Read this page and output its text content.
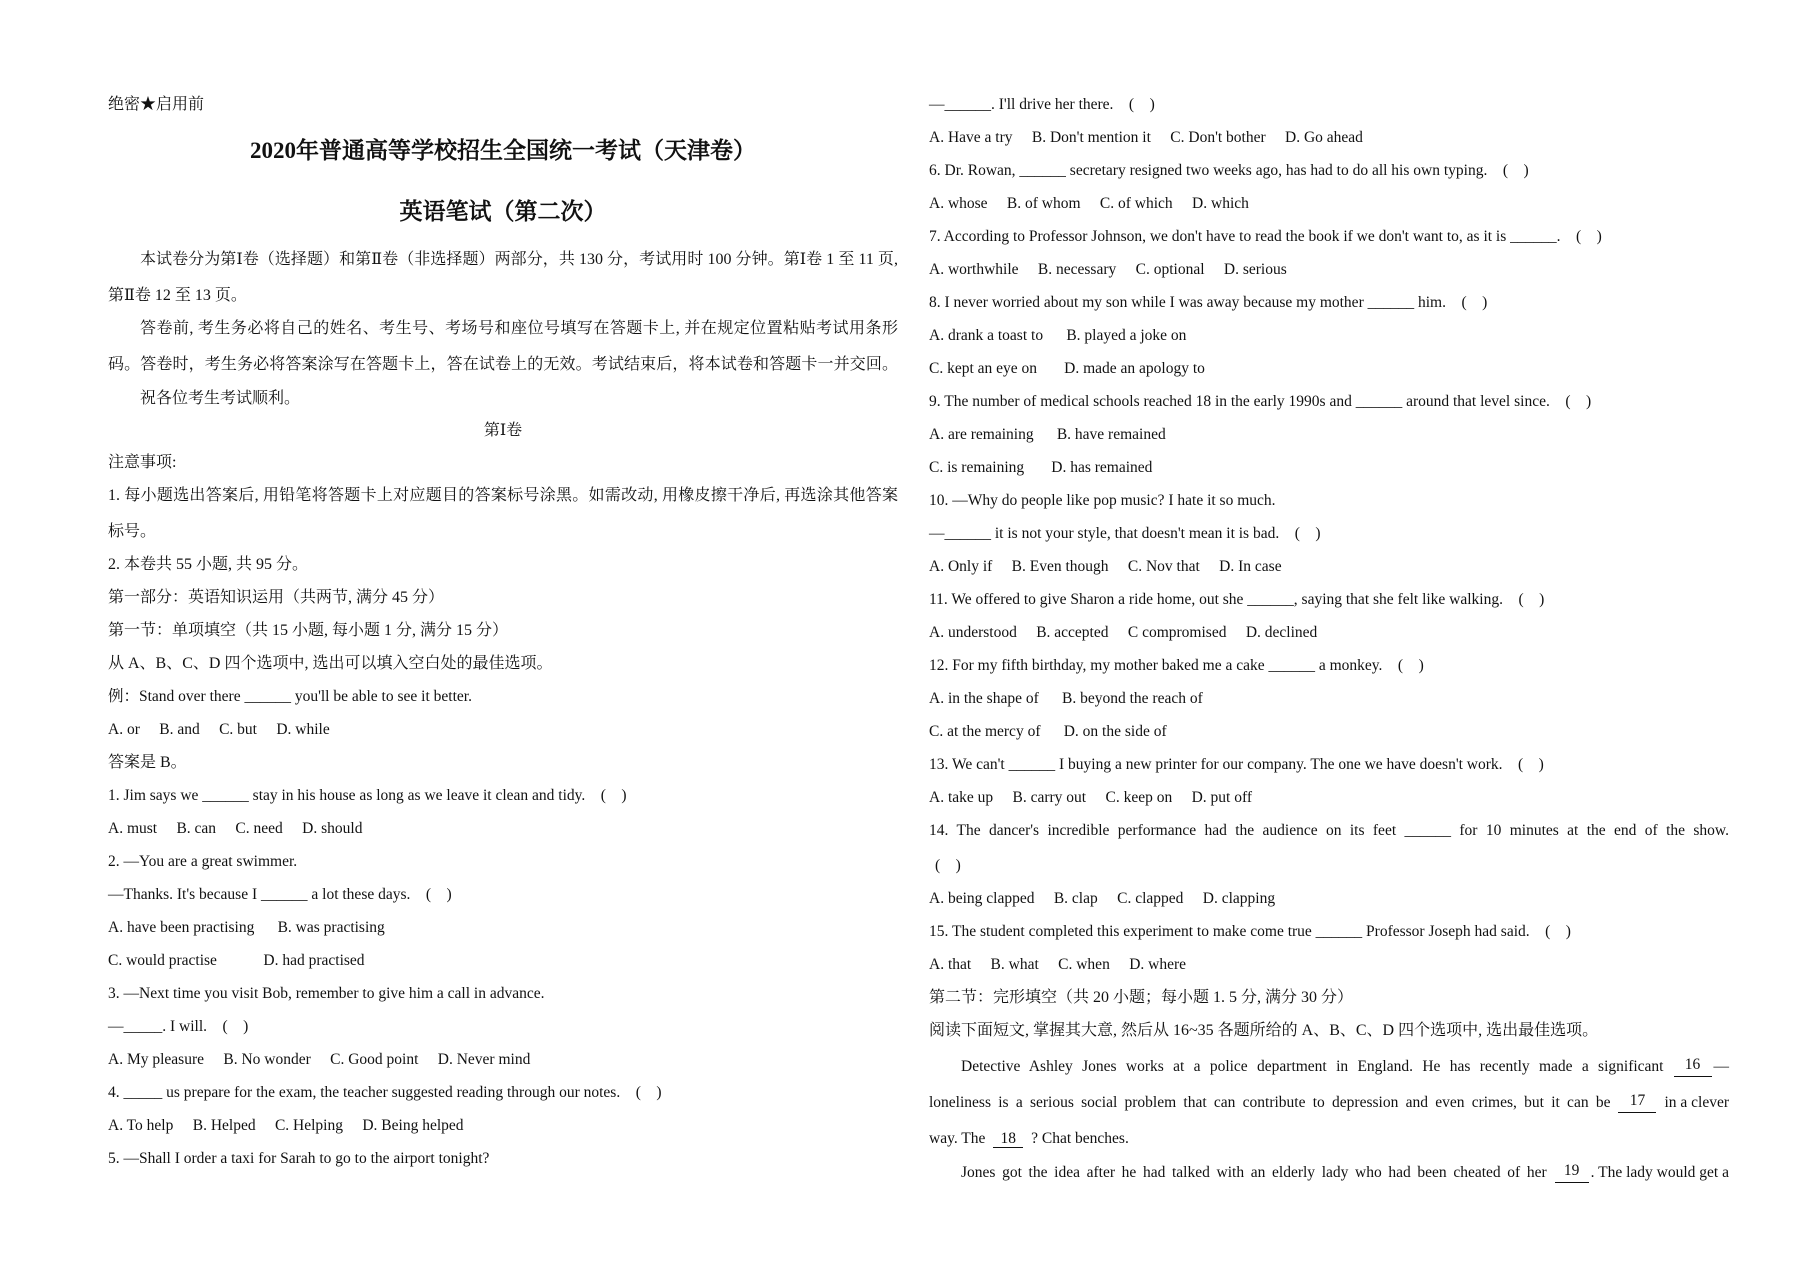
绝密★启用前
2020年普通高等学校招生全国统一考试（天津卷）
英语笔试（第二次）
本试卷分为第Ⅰ卷（选择题）和第Ⅱ卷（非选择题）两部分，共 130 分，考试用时 100 分钟。第Ⅰ卷 1 至 11 页,
第Ⅱ卷 12 至 13 页。
答卷前, 考生务必将自己的姓名、考生号、考场号和座位号填写在答题卡上, 并在规定位置粘贴考试用条形
码。答卷时，考生务必将答案涂写在答题卡上，答在试卷上的无效。考试结束后，将本试卷和答题卡一并交回。
祝各位考生考试顺利。
第Ⅰ卷
注意事项:
1. 每小题选出答案后, 用铅笔将答题卡上对应题目的答案标号涂黑。如需改动, 用橡皮擦干净后, 再选涂其他答案
标号。
2. 本卷共 55 小题, 共 95 分。
第一部分：英语知识运用（共两节, 满分 45 分）
第一节：单项填空（共 15 小题, 每小题 1 分, 满分 15 分）
从 A、B、C、D 四个选项中, 选出可以填入空白处的最佳选项。
例：Stand over there ______ you'll be able to see it better.
A. or     B. and     C. but     D. while
答案是 B。
1. Jim says we ______ stay in his house as long as we leave it clean and tidy.    (    )
A. must     B. can     C. need     D. should
2. —You are a great swimmer.
—Thanks. It's because I ______ a lot these days.    (    )
A. have been practising      B. was practising
C. would practise            D. had practised
3. —Next time you visit Bob, remember to give him a call in advance.
—_____. I will.    (    )
A. My pleasure     B. No wonder     C. Good point     D. Never mind
4. _____ us prepare for the exam, the teacher suggested reading through our notes.    (    )
A. To help     B. Helped     C. Helping     D. Being helped
5. —Shall I order a taxi for Sarah to go to the airport tonight?
—______. I'll drive her there.    (    )
A. Have a try     B. Don't mention it     C. Don't bother     D. Go ahead
6. Dr. Rowan, ______ secretary resigned two weeks ago, has had to do all his own typing.    (    )
A. whose     B. of whom     C. of which     D. which
7. According to Professor Johnson, we don't have to read the book if we don't want to, as it is ______.    (    )
A. worthwhile     B. necessary     C. optional     D. serious
8. I never worried about my son while I was away because my mother ______ him.    (    )
A. drank a toast to      B. played a joke on
C. kept an eye on       D. made an apology to
9. The number of medical schools reached 18 in the early 1990s and ______ around that level since.    (    )
A. are remaining      B. have remained
C. is remaining       D. has remained
10. —Why do people like pop music? I hate it so much.
—______ it is not your style, that doesn't mean it is bad.    (    )
A. Only if     B. Even though     C. Nov that     D. In case
11. We offered to give Sharon a ride home, out she ______, saying that she felt like walking.    (    )
A. understood     B. accepted     C compromised     D. declined
12. For my fifth birthday, my mother baked me a cake ______ a monkey.    (    )
A. in the shape of      B. beyond the reach of
C. at the mercy of      D. on the side of
13. We can't ______ I buying a new printer for our company. The one we have doesn't work.    (    )
A. take up     B. carry out     C. keep on     D. put off
14. The dancer's incredible performance had the audience on its feet ______ for 10 minutes at the end of the show.
(    )
A. being clapped     B. clap     C. clapped     D. clapping
15. The student completed this experiment to make come true ______ Professor Joseph had said.    (    )
A. that     B. what     C. when     D. where
第二节：完形填空（共 20 小题；每小题 1. 5 分, 满分 30 分）
阅读下面短文, 掌握其大意, 然后从 16~35 各题所给的 A、B、C、D 四个选项中, 选出最佳选项。
Detective Ashley Jones works at a police department in England. He has recently made a significant	16 —
loneliness is a serious social problem that can contribute to depression and even crimes, but it can be	17	in a clever
way. The 18 ? Chat benches.
Jones got the idea after he had talked with an elderly lady who had been cheated of her	19 . The lady would get a
